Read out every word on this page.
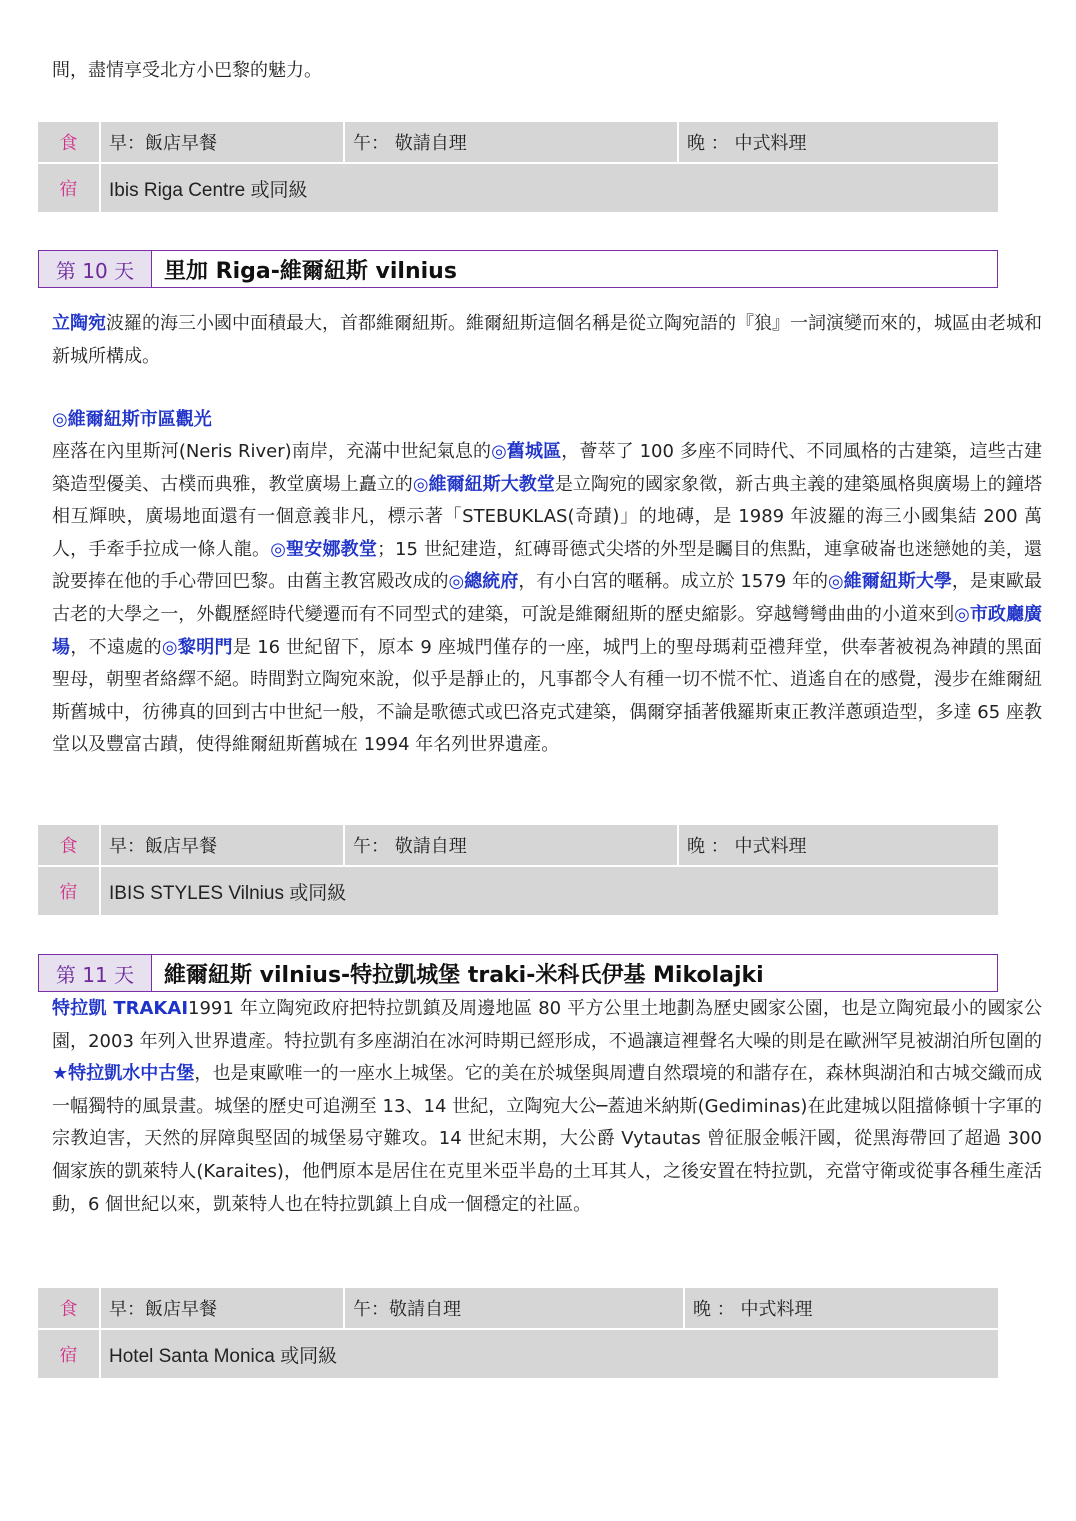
間，盡情享受北方小巴黎的魅力。

食	早：飯店早餐	午： 敬請自理	晚 ： 中式料理
宿	Ibis Riga Centre 或同級		
第 10 天	里加 Riga-維爾紐斯 vilnius

立陶宛波羅的海三小國中面積最大，首都維爾紐斯。維爾紐斯這個名稱是從立陶宛語的『狼』一詞演變而來的，城區由老城和新城所構成。

◎維爾紐斯市區觀光

座落在內里斯河(Neris River)南岸，充滿中世紀氣息的◎舊城區，薈萃了 100 多座不同時代、不同風格的古建築，這些古建築造型優美、古樸而典雅，教堂廣場上矗立的◎維爾紐斯大教堂是立陶宛的國家象徵，新古典主義的建築風格與廣場上的鐘塔相互輝映，廣場地面還有一個意義非凡，標示著「STEBUKLAS(奇蹟)」的地磚，是 1989 年波羅的海三小國集結 200 萬人，手牽手拉成一條人龍。◎聖安娜教堂；15 世紀建造，紅磚哥德式尖塔的外型是矚目的焦點，連拿破崙也迷戀她的美，還說要捧在他的手心帶回巴黎。由舊主教宮殿改成的◎總統府，有小白宮的暱稱。成立於 1579 年的◎維爾紐斯大學，是東歐最古老的大學之一，外觀歷經時代變遷而有不同型式的建築，可說是維爾紐斯的歷史縮影。穿越彎彎曲曲的小道來到◎市政廳廣場，不遠處的◎黎明門是 16 世紀留下，原本 9 座城門僅存的一座，城門上的聖母瑪莉亞禮拜堂，供奉著被視為神蹟的黑面聖母，朝聖者絡繹不絕。時間對立陶宛來說，似乎是靜止的，凡事都令人有種一切不慌不忙、逍遙自在的感覺，漫步在維爾紐斯舊城中，彷彿真的回到古中世紀一般，不論是歌德式或巴洛克式建築，偶爾穿插著俄羅斯東正教洋蔥頭造型，多達 65 座教堂以及豐富古蹟，使得維爾紐斯舊城在 1994 年名列世界遺產。

食	早：飯店早餐	午： 敬請自理	晚 ： 中式料理
宿	IBIS STYLES Vilnius 或同級		
第 11 天	維爾紐斯 vilnius-特拉凱城堡 traki-米科氏伊基 Mikolajki

特拉凱 TRAKAI1991 年立陶宛政府把特拉凱鎮及周邊地區 80 平方公里土地劃為歷史國家公園，也是立陶宛最小的國家公園，2003 年列入世界遺產。特拉凱有多座湖泊在冰河時期已經形成，不過讓這裡聲名大噪的則是在歐洲罕見被湖泊所包圍的★特拉凱水中古堡，也是東歐唯一的一座水上城堡。它的美在於城堡與周遭自然環境的和諧存在，森林與湖泊和古城交織而成一幅獨特的風景畫。城堡的歷史可追溯至 13、14 世紀，立陶宛大公─蓋迪米納斯(Gediminas)在此建城以阻擋條頓十字軍的宗教迫害，天然的屏障與堅固的城堡易守難攻。14 世紀末期，大公爵 Vytautas 曾征服金帳汗國，從黑海帶回了超過 300 個家族的凱萊特人(Karaites)，他們原本是居住在克里米亞半島的土耳其人，之後安置在特拉凱，充當守衛或從事各種生產活動，6 個世紀以來，凱萊特人也在特拉凱鎮上自成一個穩定的社區。

食	早：飯店早餐	午：敬請自理	晚 ： 中式料理
宿	Hotel Santa Monica 或同級		
